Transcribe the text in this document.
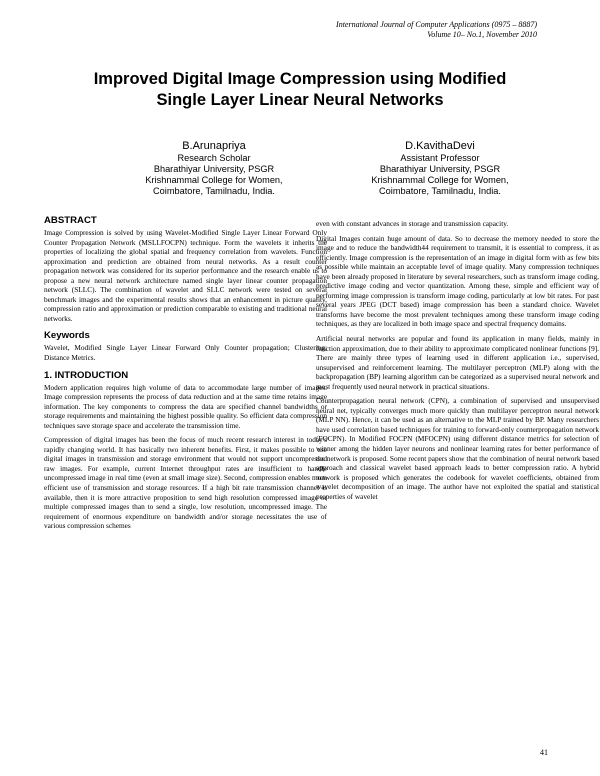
International Journal of Computer Applications (0975 – 8887)
Volume 10– No.1, November 2010
Improved Digital Image Compression using Modified
Single Layer Linear Neural Networks
B.Arunapriya
Research Scholar
Bharathiyar University, PSGR
Krishnammal College for Women,
Coimbatore, Tamilnadu, India.
D.KavithaDevi
Assistant Professor
Bharathiyar University, PSGR
Krishnammal College for Women,
Coimbatore, Tamilnadu, India.
ABSTRACT

Image Compression is solved by using Wavelet-Modified Single Layer Linear Forward Only Counter Propagation Network (MSLLFOCPN) technique. Form the wavelets it inherits the properties of localizing the global spatial and frequency correlation from wavelets. Function approximation and prediction are obtained from neural networks. As a result counter propagation network was considered for its superior performance and the research enable us to propose a new neural network architecture named single layer linear counter propagation network (SLLC). The combination of wavelet and SLLC network were tested on several benchmark images and the experimental results shows that an enhancement in picture quality, compression ratio and approximation or prediction comparable to existing and traditional neural networks.

Keywords

Wavelet, Modified Single Layer Linear Forward Only Counter propagation; Clustering; Distance Metrics.

1. INTRODUCTION

Modern application requires high volume of data to accommodate large number of images. Image compression represents the process of data reduction and at the same time retains image information. The key components to compress the data are specified channel bandwidths or storage requirements and maintaining the highest possible quality. So efficient data compression techniques save storage space and accelerate the transmission time.

Compression of digital images has been the focus of much recent research interest in today's rapidly changing world. It has basically two inherent benefits. First, it makes possible to use digital images in transmission and storage environment that would not support uncompressed raw images. For example, current Internet throughput rates are insufficient to handle uncompressed image in real time (even at small image size). Second, compression enables more efficient use of transmission and storage resources. If a high bit rate transmission channel is available, then it is more attractive proposition to send high resolution compressed image or multiple compressed images than to send a single, low resolution, uncompressed image. The requirement of enormous expenditure on bandwidth and/or storage necessitates the use of various compression schemes

even with constant advances in storage and transmission capacity.

Digital Images contain huge amount of data. So to decrease the memory needed to store the image and to reduce the bandwidth44 requirement to transmit, it is essential to compress, it as efficiently. Image compression is the representation of an image in digital form with as few bits as possible while maintain an acceptable level of image quality. Many compression techniques have been already proposed in literature by several researchers, such as transform image coding, predictive image coding and vector quantization. Among these, simple and efficient way of performing image compression is transform image coding, particularly at low bit rates. For past several years JPEG (DCT based) image compression has been a standard choice. Wavelet transforms have become the most prevalent techniques among these transform image coding techniques, as they are localized in both image space and spectral frequency domains.

Artificial neural networks are popular and found its application in many fields, mainly in function approximation, due to their ability to approximate complicated nonlinear functions [9]. There are mainly three types of learning used in different application i.e., supervised, unsupervised and reinforcement learning. The multilayer perceptron (MLP) along with the backpropagation (BP) learning algorithm can be categorized as a supervised neural network and most frequently used neural network in practical situations.

Counterpropagation neural network (CPN), a combination of supervised and unsupervised neural net, typically converges much more quickly than multilayer perceptron neural network (MLP NN). Hence, it can be used as an alternative to the MLP trained by BP. Many researchers have used correlation based techniques for training to forward-only counterpropagation network (FOCPN). In Modified FOCPN (MFOCPN) using different distance metrics for selection of winner among the hidden layer neurons and nonlinear learning rates for better performance of the network is proposed. Some recent papers show that the combination of neural network based approach and classical wavelet based approach leads to better compression ratio. A hybrid network is proposed which generates the codebook for wavelet coefficients, obtained from wavelet decomposition of an image. The author have not exploited the spatial and statistical properties of wavelet

41
